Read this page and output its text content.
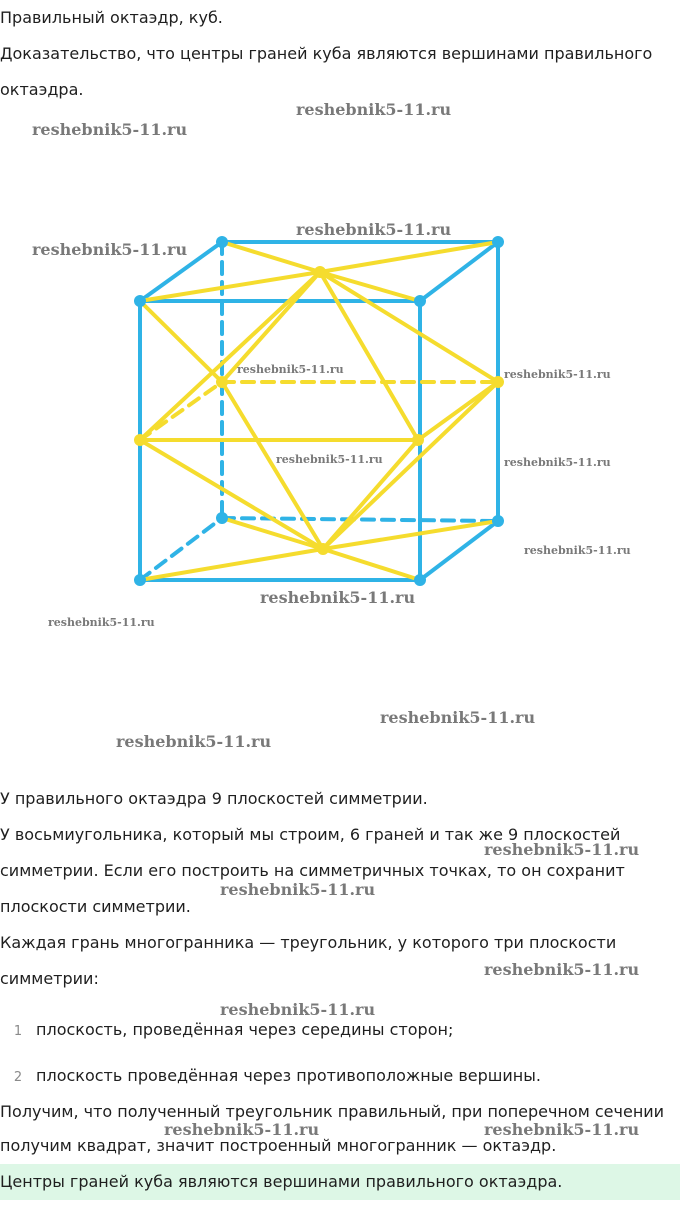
Правильный октаэдр, куб.

Доказательство, что центры граней куба являются вершинами правильного

октаэдра.

У правильного октаэдра 9 плоскостей симметрии.

У восьмиугольника, который мы строим, 6 граней и так же 9 плоскостей

симметрии. Если его построить на симметричных точках, то он сохранит

плоскости симметрии.

Каждая грань многогранника — треугольник, у которого три плоскости

симметрии:

1 плоскость, проведённая через середины сторон;
2 плоскость проведённая через противоположные вершины.

Получим, что полученный треугольник правильный, при поперечном сечении

получим квадрат, значит построенный многогранник — октаэдр.

Центры граней куба являются вершинами правильного октаэдра.
reshebnik5-11.ru
reshebnik5-11.ru
reshebnik5-11.ru
reshebnik5-11.ru
reshebnik5-11.ru	reshebnik5-11.ru
reshebnik5-11.ru	reshebnik5-11.ru
reshebnik5-11.ru
reshebnik5-11.ru
reshebnik5-11.ru
reshebnik5-11.ru
reshebnik5-11.ru
reshebnik5-11.ru
reshebnik5-11.ru
reshebnik5-11.ru
reshebnik5-11.ru
reshebnik5-11.ru	reshebnik5-11.ru
